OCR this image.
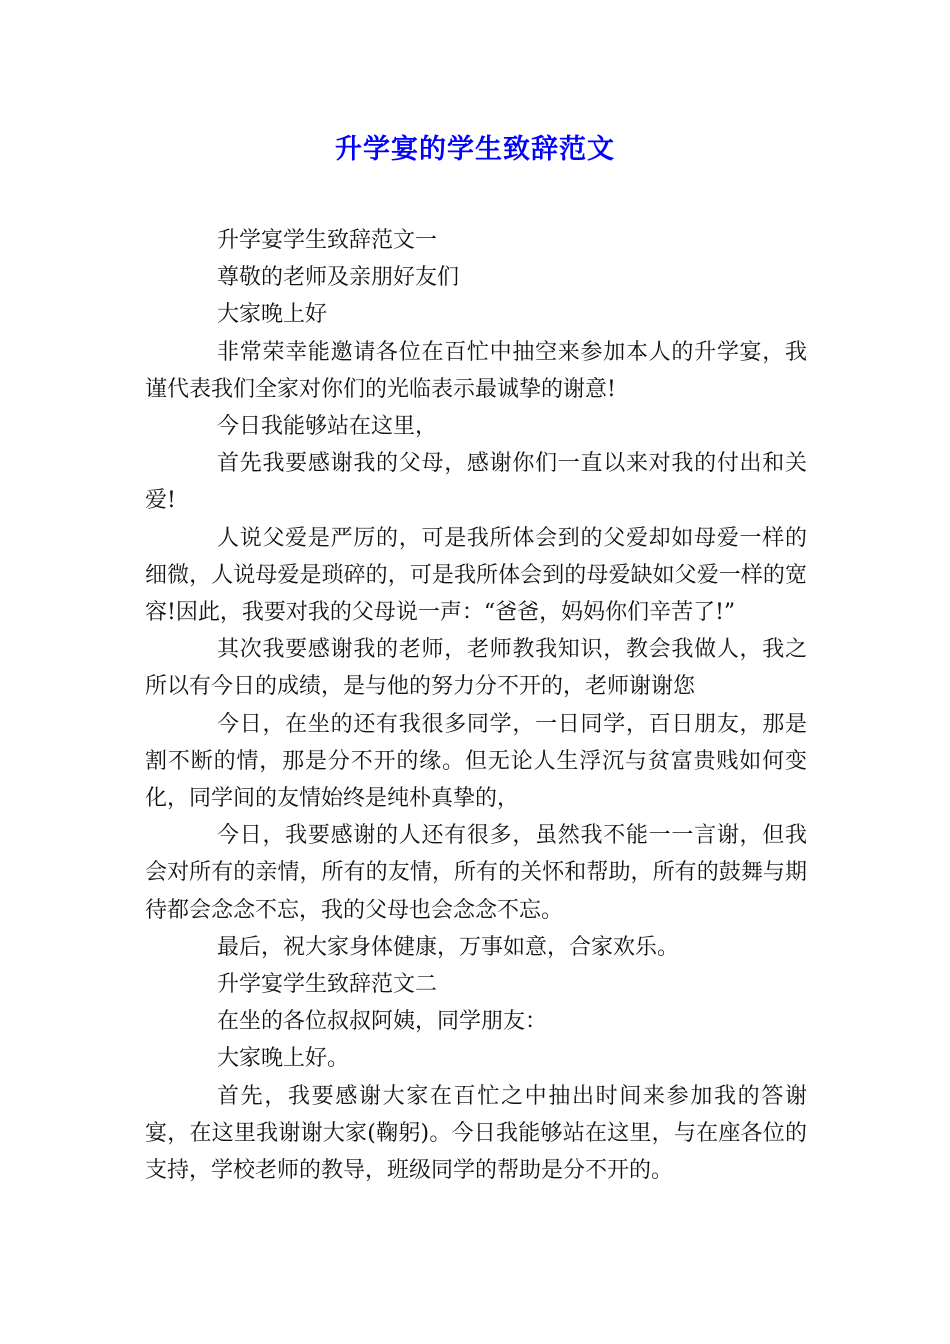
升学宴的学生致辞范文

升学宴学生致辞范文一

尊敬的老师及亲朋好友们

大家晚上好

非常荣幸能邀请各位在百忙中抽空来参加本人的升学宴，我谨代表我们全家对你们的光临表示最诚挚的谢意!

今日我能够站在这里，

首先我要感谢我的父母，感谢你们一直以来对我的付出和关爱!

人说父爱是严厉的，可是我所体会到的父爱却如母爱一样的细微，人说母爱是琐碎的，可是我所体会到的母爱缺如父爱一样的宽容!因此，我要对我的父母说一声：“爸爸，妈妈你们辛苦了!”

其次我要感谢我的老师，老师教我知识，教会我做人，我之所以有今日的成绩，是与他的努力分不开的，老师谢谢您

今日，在坐的还有我很多同学，一日同学，百日朋友，那是割不断的情，那是分不开的缘。但无论人生浮沉与贫富贵贱如何变化，同学间的友情始终是纯朴真挚的，

今日，我要感谢的人还有很多，虽然我不能一一言谢，但我会对所有的亲情，所有的友情，所有的关怀和帮助，所有的鼓舞与期待都会念念不忘，我的父母也会念念不忘。

最后，祝大家身体健康，万事如意，合家欢乐。

升学宴学生致辞范文二

在坐的各位叔叔阿姨，同学朋友：

大家晚上好。

首先，我要感谢大家在百忙之中抽出时间来参加我的答谢宴，在这里我谢谢大家(鞠躬)。今日我能够站在这里，与在座各位的支持，学校老师的教导，班级同学的帮助是分不开的。
